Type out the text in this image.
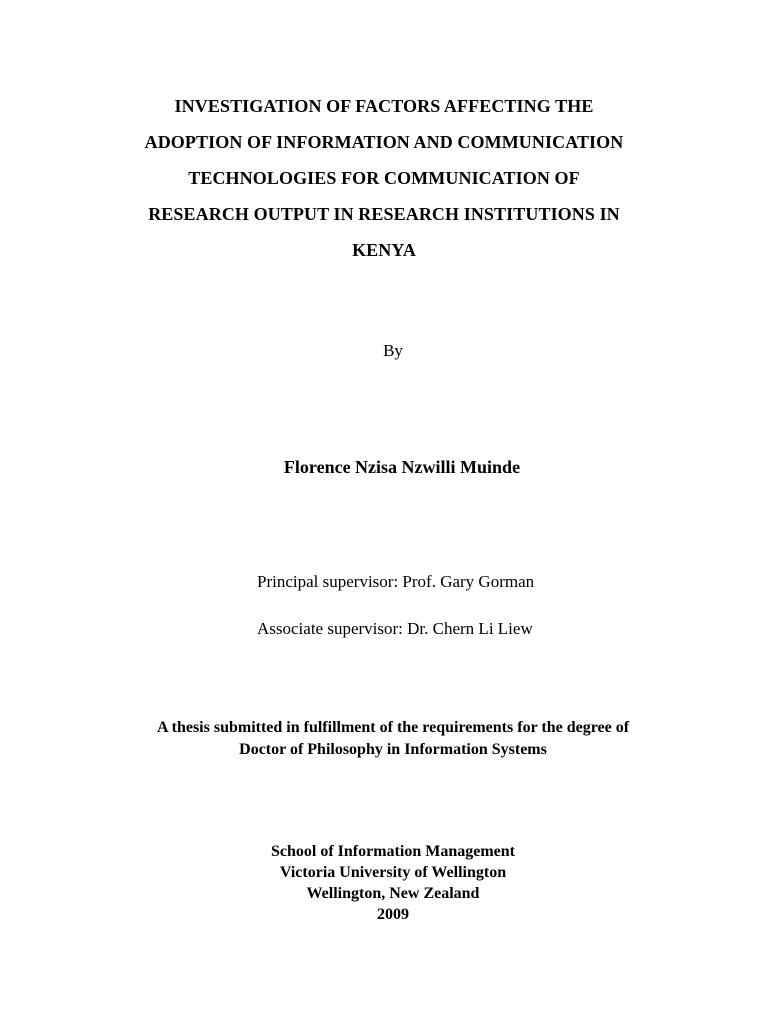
INVESTIGATION OF FACTORS AFFECTING THE
ADOPTION OF INFORMATION AND COMMUNICATION
TECHNOLOGIES FOR COMMUNICATION OF
RESEARCH OUTPUT IN RESEARCH INSTITUTIONS IN
KENYA
By
Florence Nzisa Nzwilli Muinde
Principal supervisor: Prof. Gary Gorman
Associate supervisor: Dr. Chern Li Liew
A thesis submitted in fulfillment of the requirements for the degree of
Doctor of Philosophy in Information Systems
School of Information Management
Victoria University of Wellington
Wellington, New Zealand
2009
